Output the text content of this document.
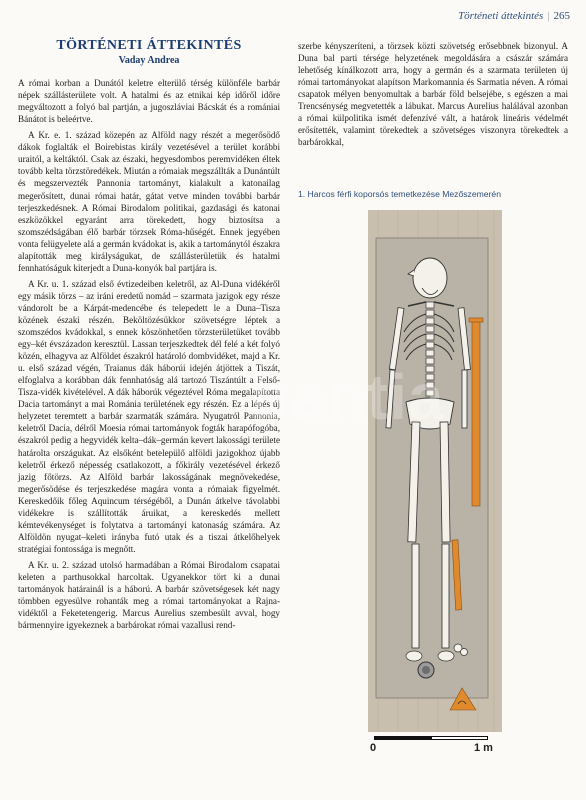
Történeti áttekintés | 265
TÖRTÉNETI ÁTTEKINTÉS
Vaday Andrea

A római korban a Dunától keletre elterülő térség különféle barbár népek szállásterülete volt. A hatalmi és az etnikai kép időről időre megváltozott a folyó bal partján, a jugoszláviai Bácskát és a romániai Bánátot is beleértve.

A Kr. e. 1. század közepén az Alföld nagy részét a megerősödő dákok foglalták el Boirebistas király vezetésével a terület korábbi uraitól, a keltáktól. Csak az északi, hegyesdombos peremvidéken éltek tovább kelta törzstöredékek. Miután a rómaiak megszállták a Dunántúlt és megszervezték Pannonia tartományt, kialakult a katonailag megerősített, dunai római határ, gátat vetve minden további barbár terjeszkedésnek. A Római Birodalom politikai, gazdasági és katonai eszközökkel egyaránt arra törekedett, hogy biztosítsa a szomszédságában élő barbár törzsek Róma-hűségét. Ennek jegyében vonta felügyelete alá a germán kvádokat is, akik a tartománytól északra alapították meg királyságukat, de szállásterületük és hatalmi fennhatóságuk kiterjedt a Duna-konyók bal partjára is.

A Kr. u. 1. század első évtizedeiben keletről, az Al-Duna vidékéről egy másik törzs – az iráni eredetű nomád – szarmata jazigok egy része vándorolt be a Kárpát-medencébe és telepedett le a Duna–Tisza közének északi részén. Beköltözésükkor szövetségre léptek a szomszédos kvádokkal, s ennek köszönhetően törzsterületüket tovább egy–két évszázadon keresztül. Lassan terjeszkedtek dél felé a két folyó közén, elhagyva az Alföldet északról határoló dombvidéket, majd a Kr. u. első század végén, Traianus dák háborúi idején átjöttek a Tiszát, elfoglalva a korábban dák fennhatóság alá tartozó Tiszántúlt a Felső-Tisza-vidék kivételével. A dák háborúk végeztével Róma megalapította Dacia tartományt a mai Románia területének egy részén. Ez a lépés új helyzetet teremtett a barbár szarmaták számára. Nyugatról Pannonia, keletről Dacia, délről Moesia római tartományok fogták harapófogóba, északról pedig a hegyvidék kelta–dák–germán kevert lakossági területe határolta országukat. Az elsőként betelepülő alföldi jazigokhoz újabb keletről érkező népesség csatlakozott, a főkirály vezetésével érkező jazig főtörzs. Az Alföld barbár lakosságának megnövekedése, megerősödése és terjeszkedése magára vonta a rómaiak figyelmét. Kereskedőik főleg Aquincum térségéből, a Dunán átkelve távolabbi vidékekre is szállították áruikat, a kereskedés mellett kémtevékenységet is folytatva a tartományi katonaság számára. Az Alföldön nyugat–keleti irányba futó utak és a tiszai átkelőhelyek stratégiai fontossága is megnőtt.

A Kr. u. 2. század utolsó harmadában a Római Birodalom csapatai keleten a parthusokkal harcoltak. Ugyanekkor tört ki a dunai tartományok határainál is a háború. A barbár szövetségesek két nagy tömbben egyesülve rohanták meg a római tartományokat a Rajna-vidéktől a Feketetengerig. Marcus Aurelius szembesült avval, hogy bármennyire igyekeznek a barbárokat római vazallusi rend-

szerbe kényszeríteni, a törzsek közti szövetség erősebbnek bizonyul. A Duna bal parti térsége helyzetének megoldására a császár számára lehetőség kínálkozott arra, hogy a germán és a szarmata területen új római tartományokat alapítson Markomannia és Sarmatia néven. A római csapatok mélyen benyomultak a barbár föld belsejébe, s egészen a mai Trencsénység megvetették a lábukat. Marcus Aurelius halálával azonban a római külpolitika ismét defenzívé vált, a határok lineáris védelmét erősítették, valamint törekedtek a szövetséges viszonyra törekedtek a barbárokkal,

1. Harcos férfi koporsós temetkezése Mezőszemerén
0	1 m
bantia
